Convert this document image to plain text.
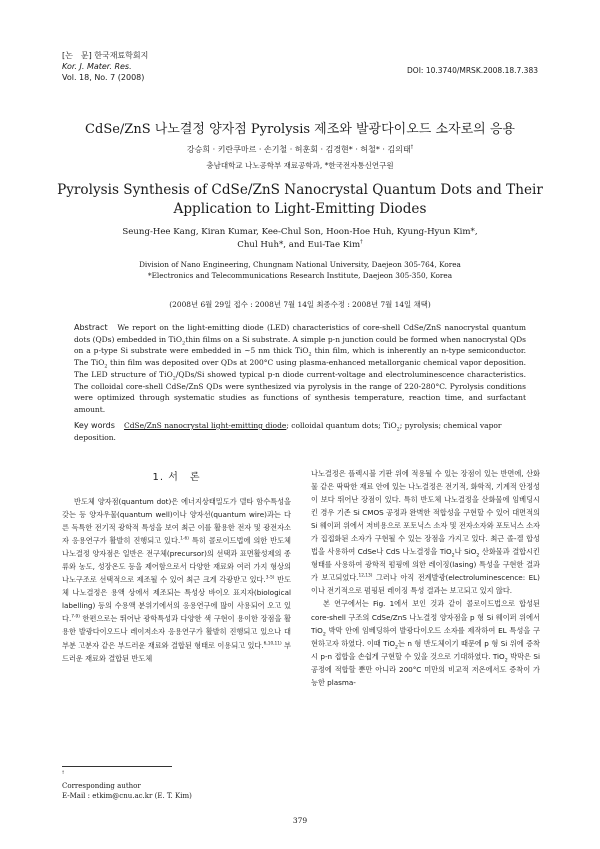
[논　문] 한국재료학회지
Kor. J. Mater. Res.
Vol. 18, No. 7 (2008)
DOI: 10.3740/MRSK.2008.18.7.383
CdSe/ZnS 나노결정 양자점 Pyrolysis 제조와 발광다이오드 소자로의 응용
강승희 · 키란쿠마르 · 손기철 · 허훈회 · 김경현* · 허철* · 김의태†
충남대학교 나노공학부 재료공학과, *한국전자통신연구원
Pyrolysis Synthesis of CdSe/ZnS Nanocrystal Quantum Dots and Their Application to Light-Emitting Diodes
Seung-Hee Kang, Kiran Kumar, Kee-Chul Son, Hoon-Hoe Huh, Kyung-Hyun Kim*,
Chul Huh*, and Eui-Tae Kim†
Division of Nano Engineering, Chungnam National University, Daejeon 305-764, Korea
*Electronics and Telecommunications Research Institute, Daejeon 305-350, Korea
(2008년 6월 29일 접수 : 2008년 7월 14일 최종수정 : 2008년 7월 14일 채택)
Abstract We report on the light-emitting diode (LED) characteristics of core-shell CdSe/ZnS nanocrystal quantum dots (QDs) embedded in TiO$_2$thin films on a Si substrate. A simple p-n junction could be formed when nanocrystal QDs on a p-type Si substrate were embedded in ~5 nm thick TiO$_2$ thin film, which is inherently an n-type semiconductor. The TiO$_2$ thin film was deposited over QDs at 200°C using plasma-enhanced metallorganic chemical vapor deposition. The LED structure of TiO$_2$/QDs/Si showed typical p-n diode current-voltage and electroluminescence characteristics. The colloidal core-shell CdSe/ZnS QDs were synthesized via pyrolysis in the range of 220-280°C. Pyrolysis conditions were optimized through systematic studies as functions of synthesis temperature, reaction time, and surfactant amount.
Key words CdSe/ZnS nanocrystal light-emitting diode; colloidal quantum dots; TiO$_2$; pyrolysis; chemical vapor deposition.
1. 서　론

반도체 양자점(quantum dot)은 에너지상태밀도가 델타 함수특성을 갖는 등 양자우물(quantum well)이나 양자선(quantum wire)과는 다른 독특한 전기적 광학적 특성을 보여 최근 이를 활용한 전자 및 광전자소자 응용연구가 활발히 진행되고 있다.$^{1-6)}$ 특히 콜로이드법에 의한 반도체 나노결정 양자점은 일반은 전구체(precursor)의 선택과 표면활성제의 종류와 농도, 성장온도 등을 제어함으로서 다양한 재료와 여러 가지 형상의 나노구조로 선택적으로 제조될 수 있어 최근 크게 각광받고 있다.$^{3-5)}$ 반도체 나노결정은 용액 상에서 제조되는 특성상 바이오 표지자(biological labelling) 등의 수용액 분위기에서의 응용연구에 많이 사용되어 오고 있다.$^{7-9)}$ 한편으로는 뛰어난 광학특성과 다양한 색 구현이 용이한 장점을 활용한 발광다이오드나 레이저소자 응용연구가 활발히 진행되고 있으나 대부분 고분자 같은 부드러운 재료와 결합된 형태로 이용되고 있다.$^{6,10,11)}$ 부드러운 재료와 결합된 반도체

나노결정은 플렉시블 기판 위에 적용될 수 있는 장점이 있는 반면에, 산화물 같은 딱딱한 재료 안에 있는 나노결정은 전기적, 화학적, 기계적 안정성이 보다 뛰어난 장점이 있다. 특히 반도체 나노결정을 산화물에 임베딩시킨 경우 기존 Si CMOS 공정과 완벽한 적합성을 구현할 수 있어 대면적의 Si 웨이퍼 위에서 저비용으로 포토닉스 소자 및 전자소자와 포토닉스 소자가 집접화된 소자가 구현될 수 있는 장점을 가지고 있다. 최근 졸-겔 합성법을 사용하여 CdSe나 CdS 나노결정을 TiO$_2$나 SiO$_2$ 산화물과 결합시킨 형태를 사용하여 광학적 펌핑에 의한 레이징(lasing) 특성을 구현한 결과가 보고되었다.$^{12,13)}$ 그러나 아직 전계발광(electroluminescence: EL)이나 전기적으로 펌핑된 레이징 특성 결과는 보고되고 있지 않다.

본 연구에서는 Fig. 1에서 보인 것과 같이 콜로이드법으로 합성된 core-shell 구조의 CdSe/ZnS 나노결정 양자점을 p 형 Si 웨이퍼 위에서 TiO$_2$ 박막 안에 임베딩하여 발광다이오드 소자를 제작하여 EL 특성을 구현하고자 하였다. 이때 TiO$_2$는 n 형 반도체이기 때문에 p 형 Si 위에 증착 시 p-n 접합을 손쉽게 구현할 수 있을 것으로 기대하였다. TiO$_2$ 박막은 Si 공정에 적합할 뿐만 아니라 200°C 미만의 비교적 저온에서도 증착이 가능한 plasma-

†
Corresponding author
E-Mail : etkim@cnu.ac.kr (E. T. Kim)
379
